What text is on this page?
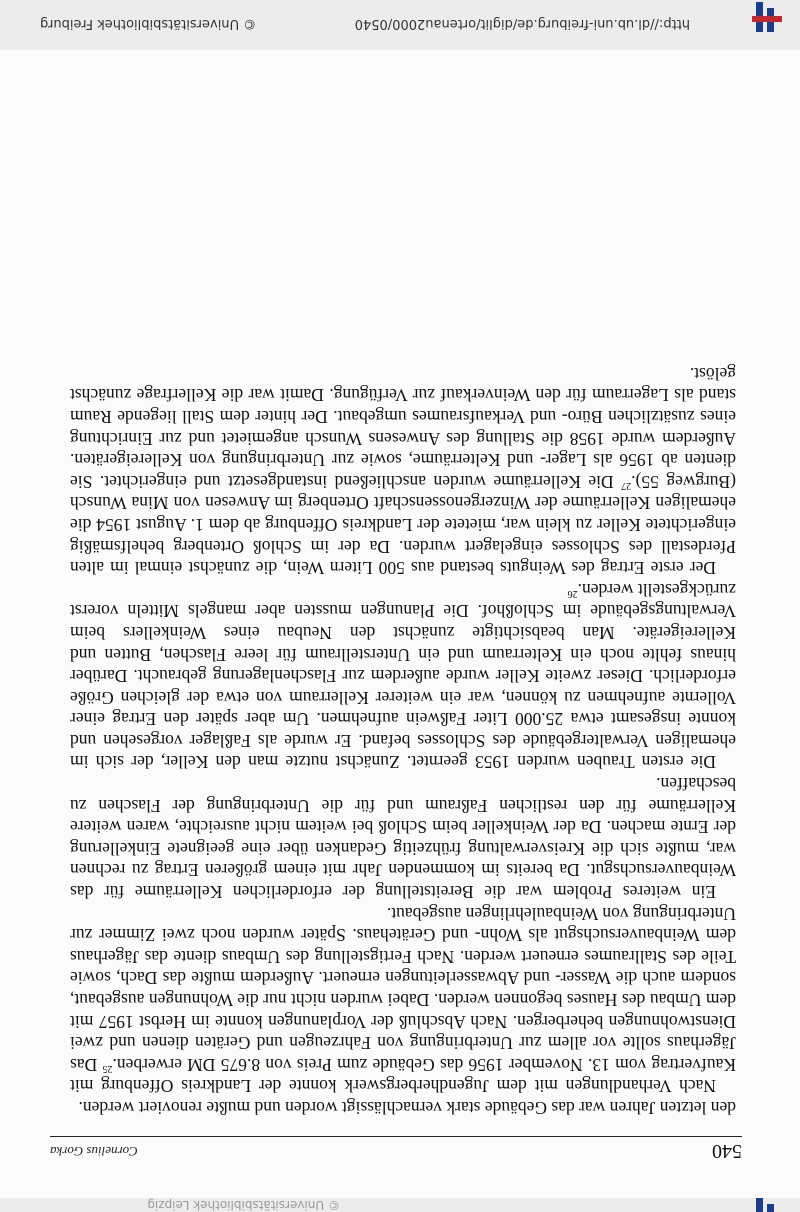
http://dl.ub.uni-freiburg.de/diglit/ortenau2000/0540
© Universitätsbibliothek Freiburg
540
Cornelius Gorka

den letzten Jahren war das Gebäude stark vernachlässigt worden und mußte renoviert werden.

Nach Verhandlungen mit dem Jugendherbergswerk konnte der Landkreis Offenburg mit Kaufvertrag vom 13. November 1956 das Gebäude zum Preis von 8.675 DM erwerben.$^{25}$ Das Jägerhaus sollte vor allem zur Unterbringung von Fahrzeugen und Geräten dienen und zwei Dienstwohnungen beherbergen. Nach Abschluß der Vorplanungen konnte im Herbst 1957 mit dem Umbau des Hauses begonnen werden. Dabei wurden nicht nur die Wohnungen ausgebaut, sondern auch die Wasser- und Abwasserleitungen erneuert. Außerdem mußte das Dach, sowie Teile des Stallraumes erneuert werden. Nach Fertigstellung des Umbaus diente das Jägerhaus dem Weinbauversuchsgut als Wohn- und Gerätehaus. Später wurden noch zwei Zimmer zur Unterbringung von Weinbaulehrlingen ausgebaut.

Ein weiteres Problem war die Bereitstellung der erforderlichen Kellerräume für das Weinbauversuchsgut. Da bereits im kommenden Jahr mit einem größeren Ertrag zu rechnen war, mußte sich die Kreisverwaltung frühzeitig Gedanken über eine geeignete Einkellerung der Ernte machen. Da der Weinkeller beim Schloß bei weitem nicht ausreichte, waren weitere Kellerräume für den restlichen Faßraum und für die Unterbringung der Flaschen zu beschaffen.

Die ersten Trauben wurden 1953 geerntet. Zunächst nutzte man den Keller, der sich im ehemaligen Verwaltergebäude des Schlosses befand. Er wurde als Faßlager vorgesehen und konnte insgesamt etwa 25.000 Liter Faßwein aufnehmen. Um aber später den Ertrag einer Vollernte aufnehmen zu können, war ein weiterer Kellerraum von etwa der gleichen Größe erforderlich. Dieser zweite Keller wurde außerdem zur Flaschenlagerung gebraucht. Darüber hinaus fehlte noch ein Kelterraum und ein Unterstellraum für leere Flaschen, Butten und Kellereigeräte. Man beabsichtigte zunächst den Neubau eines Weinkellers beim Verwaltungsgebäude im Schloßhof. Die Planungen mussten aber mangels Mitteln vorerst zurückgestellt werden.$^{26}$

Der erste Ertrag des Weinguts bestand aus 500 Litern Wein, die zunächst einmal im alten Pferdestall des Schlosses eingelagert wurden. Da der im Schloß Ortenberg behelfsmäßig eingerichtete Keller zu klein war, mietete der Landkreis Offenburg ab dem 1. August 1954 die ehemaligen Kellerräume der Winzergenossenschaft Ortenberg im Anwesen von Mina Wunsch (Burgweg 55).$^{27}$ Die Kellerräume wurden anschließend instandgesetzt und eingerichtet. Sie dienten ab 1956 als Lager- und Kelterräume, sowie zur Unterbringung von Kellereigeräten. Außerdem wurde 1958 die Stallung des Anwesens Wunsch angemietet und zur Einrichtung eines zusätzlichen Büro- und Verkaufsraumes umgebaut. Der hinter dem Stall liegende Raum stand als Lagerraum für den Weinverkauf zur Verfügung. Damit war die Kellerfrage zunächst gelöst.

© Universitätsbibliothek Leipzig
